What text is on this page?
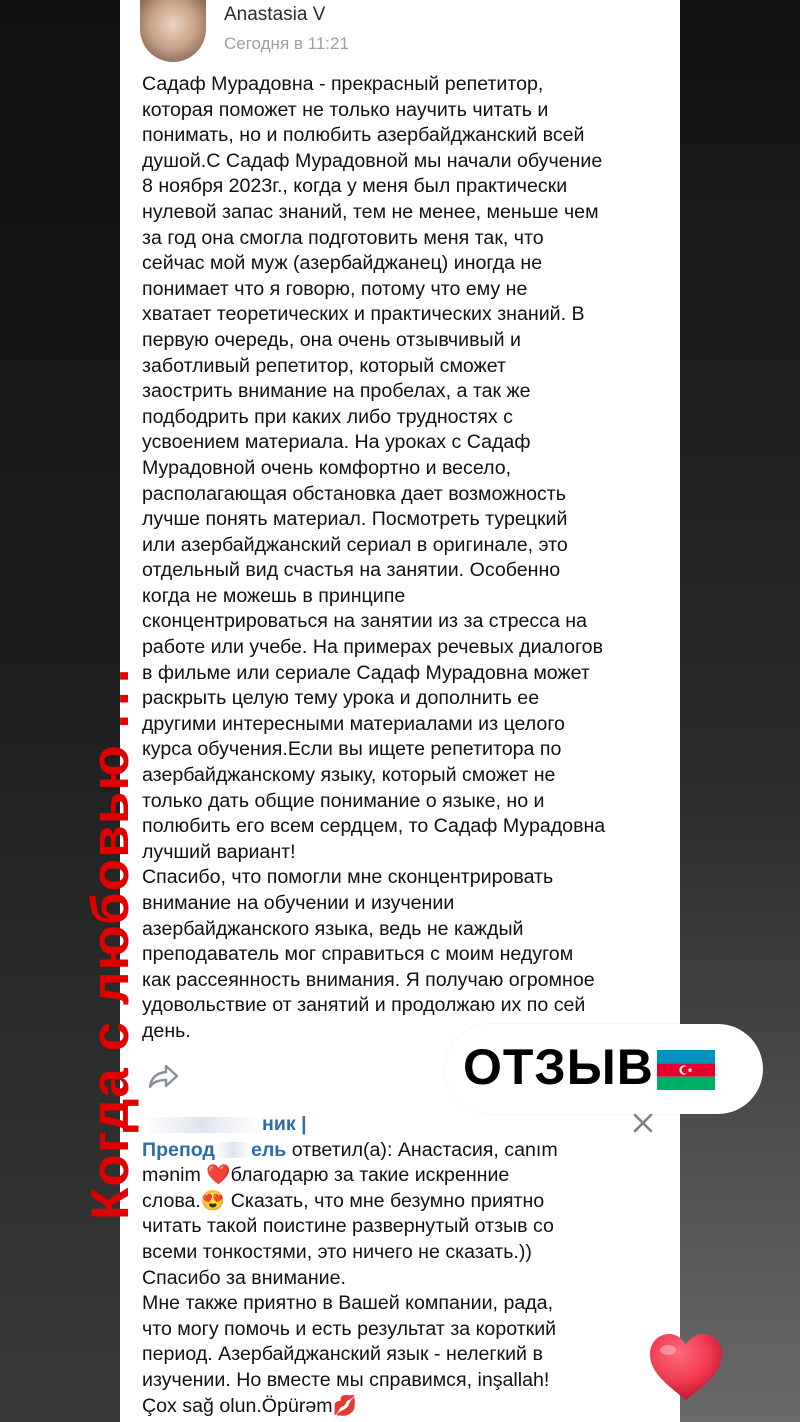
Anastasia V
Сегодня в 11:21

Садаф Мурадовна - прекрасный репетитор,
которая поможет не только научить читать и
понимать, но и полюбить азербайджанский всей
душой.С Садаф Мурадовной мы начали обучение
8 ноября 2023г., когда у меня был практически
нулевой запас знаний, тем не менее, меньше чем
за год она смогла подготовить меня так, что
сейчас мой муж (азербайджанец) иногда не
понимает что я говорю, потому что ему не
хватает теоретических и практических знаний. В
первую очередь, она очень отзывчивый и
заботливый репетитор, который сможет
заострить внимание на пробелах, а так же
подбодрить при каких либо трудностях с
усвоением материала. На уроках с Садаф
Мурадовной очень комфортно и весело,
располагающая обстановка дает возможность
лучше понять материал. Посмотреть турецкий
или азербайджанский сериал в оригинале, это
отдельный вид счастья на занятии. Особенно
когда не можешь в принципе
сконцентрироваться на занятии из за стресса на
работе или учебе. На примерах речевых диалогов
в фильме или сериале Садаф Мурадовна может
раскрыть целую тему урока и дополнить ее
другими интересными материалами из целого
курса обучения.Если вы ищете репетитора по
азербайджанскому языку, который сможет не
только дать общие понимание о языке, но и
полюбить его всем сердцем, то Садаф Мурадовна
лучший вариант!
Спасибо, что помогли мне сконцентрировать
внимание на обучении и изучении
азербайджанского языка, ведь не каждый
преподаватель мог справиться с моим недугом
как рассеянность внимания. Я получаю огромное
удовольствие от занятий и продолжаю их по сей
день.

ник |
Препод ель ответил(а): Анастасия, canım
mənim ❤️благодарю за такие искренние

слова.😍 Сказать, что мне безумно приятно
читать такой поистине развернутый отзыв со
всеми тонкостями, это ничего не сказать.))
Спасибо за внимание.
Мне также приятно в Вашей компании, рада,
что могу помочь и есть результат за короткий
период. Азербайджанский язык - нелегкий в
изучении. Но вместе мы справимся, inşallah!
Çox sağ olun.Öpürəm💋

Когда с любовью ...
ОТЗЫВ
